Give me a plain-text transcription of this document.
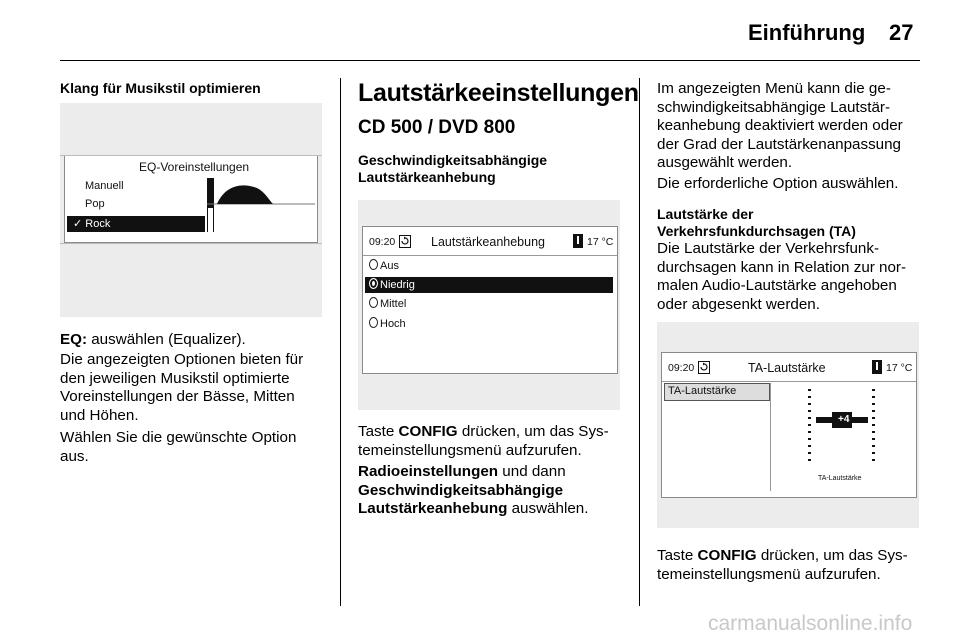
Einführung 27
Klang für Musikstil optimieren
EQ-Voreinstellungen
Manuell
Pop
✓ Rock
EQ: auswählen (Equalizer).
Die angezeigten Optionen bieten für
den jeweiligen Musikstil optimierte
Voreinstellungen der Bässe, Mitten
und Höhen.
Wählen Sie die gewünschte Option
aus.
Lautstärkeeinstellungen
CD 500 / DVD 800
Geschwindigkeitsabhängige
Lautstärkeanhebung
09:20	Lautstärkeanhebung	17 °C
Aus
Niedrig
Mittel
Hoch
Taste CONFIG drücken, um das Sys-
temeinstellungsmenü aufzurufen.
Radioeinstellungen und dann
Geschwindigkeitsabhängige
Lautstärkeanhebung auswählen.
Im angezeigten Menü kann die ge-
schwindigkeitsabhängige Lautstär-
keanhebung deaktiviert werden oder
der Grad der Lautstärkenanpassung
ausgewählt werden.
Die erforderliche Option auswählen.
Lautstärke der
Verkehrsfunkdurchsagen (TA)
Die Lautstärke der Verkehrsfunk-
durchsagen kann in Relation zur nor-
malen Audio-Lautstärke angehoben
oder abgesenkt werden.
09:20	TA-Lautstärke	17 °C
TA-Lautstärke
+4
TA-Lautstärke
Taste CONFIG drücken, um das Sys-
temeinstellungsmenü aufzurufen.
carmanualsonline.info
